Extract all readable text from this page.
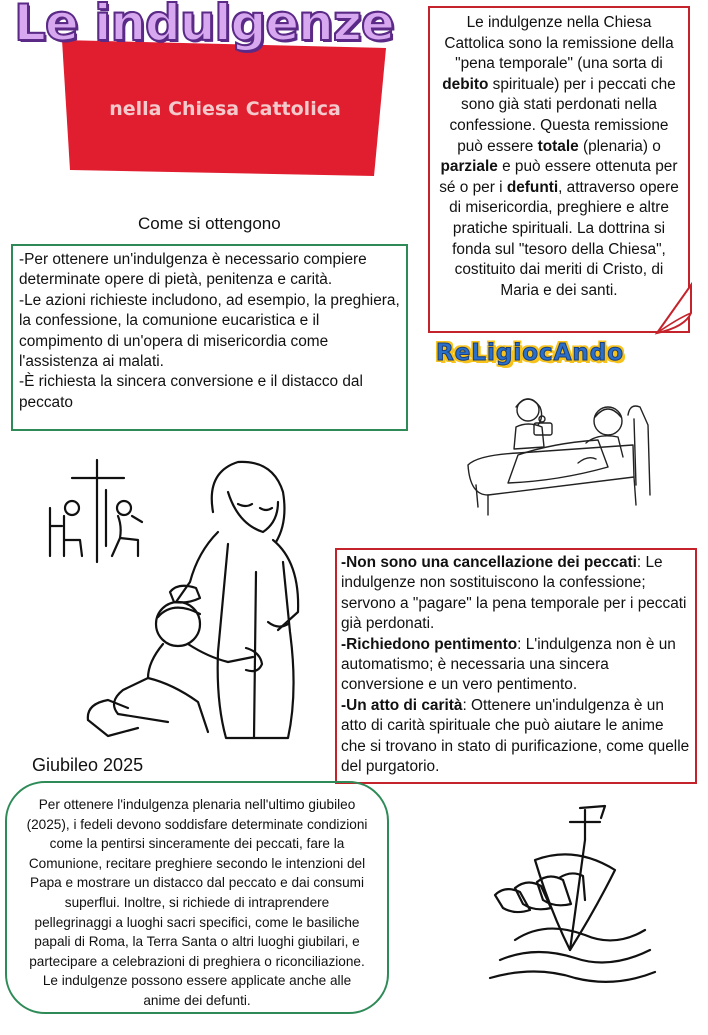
Le indulgenze
nella Chiesa Cattolica
Le indulgenze nella Chiesa Cattolica sono la remissione della "pena temporale" (una sorta di debito spirituale) per i peccati che sono già stati perdonati nella confessione. Questa remissione può essere totale (plenaria) o parziale e può essere ottenuta per sé o per i defunti, attraverso opere di misericordia, preghiere e altre pratiche spirituali. La dottrina si fonda sul "tesoro della Chiesa", costituito dai meriti di Cristo, di Maria e dei santi.
Come si ottengono
-Per ottenere un'indulgenza è necessario compiere determinate opere di pietà, penitenza e carità.
-Le azioni richieste includono, ad esempio, la preghiera, la confessione, la comunione eucaristica e il compimento di un'opera di misericordia come l'assistenza ai malati.
-È richiesta la sincera conversione e il distacco dal peccato
ReLigiocAndo
-Non sono una cancellazione dei peccati: Le indulgenze non sostituiscono la confessione; servono a "pagare" la pena temporale per i peccati già perdonati.
-Richiedono pentimento: L'indulgenza non è un automatismo; è necessaria una sincera conversione e un vero pentimento.
-Un atto di carità: Ottenere un'indulgenza è un atto di carità spirituale che può aiutare le anime che si trovano in stato di purificazione, come quelle del purgatorio.
Giubileo 2025
Per ottenere l'indulgenza plenaria nell'ultimo giubileo (2025), i fedeli devono soddisfare determinate condizioni come la pentirsi sinceramente dei peccati, fare la Comunione, recitare preghiere secondo le intenzioni del Papa e mostrare un distacco dal peccato e dai consumi superflui. Inoltre, si richiede di intraprendere pellegrinaggi a luoghi sacri specifici, come le basiliche papali di Roma, la Terra Santa o altri luoghi giubilari, e partecipare a celebrazioni di preghiera o riconciliazione. Le indulgenze possono essere applicate anche alle anime dei defunti.
